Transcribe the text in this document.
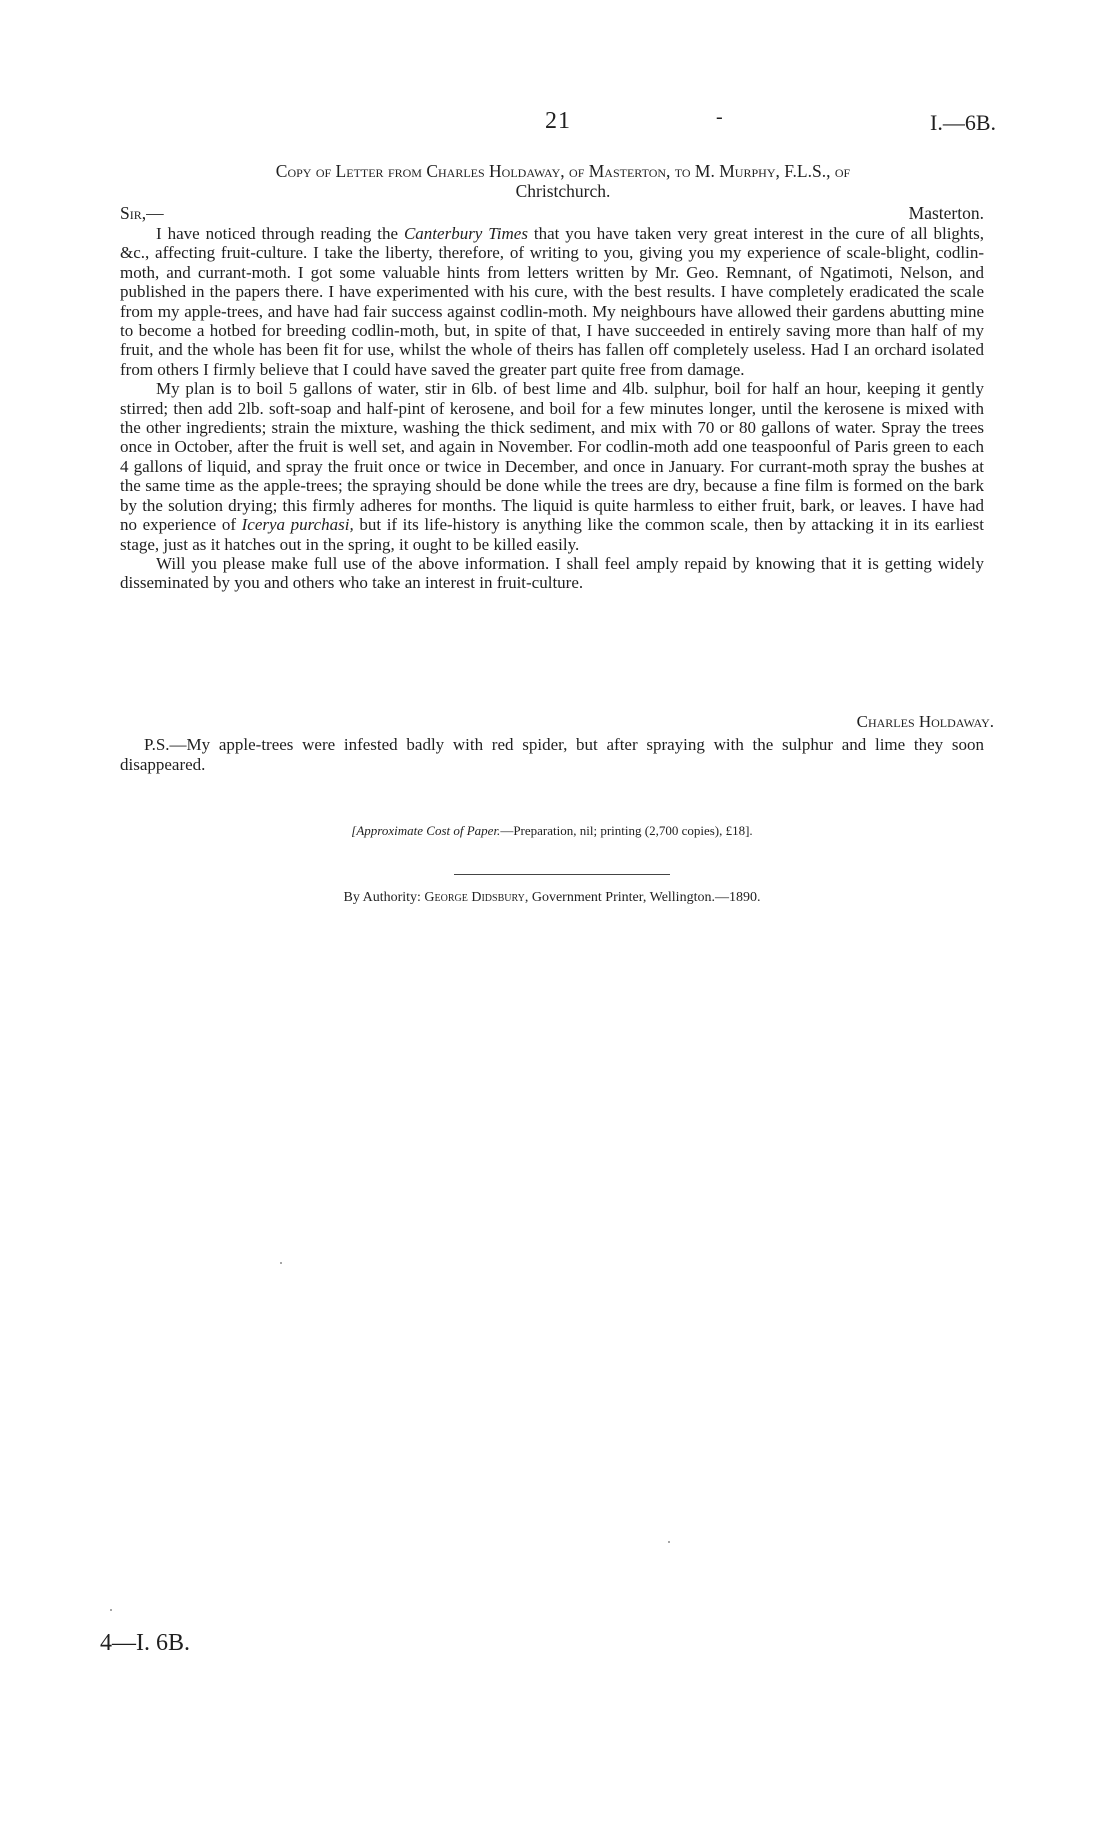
21	-	I.—6B.
Copy of Letter from Charles Holdaway, of Masterton, to M. Murphy, F.L.S., of
Christchurch.
Sir,—	Masterton.

I have noticed through reading the Canterbury Times that you have taken very great interest in the cure of all blights, &c., affecting fruit-culture. I take the liberty, therefore, of writing to you, giving you my experience of scale-blight, codlin-moth, and currant-moth. I got some valuable hints from letters written by Mr. Geo. Remnant, of Ngatimoti, Nelson, and published in the papers there. I have experimented with his cure, with the best results. I have completely eradicated the scale from my apple-trees, and have had fair success against codlin-moth. My neighbours have allowed their gardens abutting mine to become a hotbed for breeding codlin-moth, but, in spite of that, I have succeeded in entirely saving more than half of my fruit, and the whole has been fit for use, whilst the whole of theirs has fallen off completely useless. Had I an orchard isolated from others I firmly believe that I could have saved the greater part quite free from damage.

My plan is to boil 5 gallons of water, stir in 6lb. of best lime and 4lb. sulphur, boil for half an hour, keeping it gently stirred; then add 2lb. soft-soap and half-pint of kerosene, and boil for a few minutes longer, until the kerosene is mixed with the other ingredients; strain the mixture, washing the thick sediment, and mix with 70 or 80 gallons of water. Spray the trees once in October, after the fruit is well set, and again in November. For codlin-moth add one teaspoonful of Paris green to each 4 gallons of liquid, and spray the fruit once or twice in December, and once in January. For currant-moth spray the bushes at the same time as the apple-trees; the spraying should be done while the trees are dry, because a fine film is formed on the bark by the solution drying; this firmly adheres for months. The liquid is quite harmless to either fruit, bark, or leaves. I have had no experience of Icerya purchasi, but if its life-history is anything like the common scale, then by attacking it in its earliest stage, just as it hatches out in the spring, it ought to be killed easily.

Will you please make full use of the above information. I shall feel amply repaid by knowing that it is getting widely disseminated by you and others who take an interest in fruit-culture.

Charles Holdaway.

P.S.—My apple-trees were infested badly with red spider, but after spraying with the sulphur and lime they soon disappeared.

[Approximate Cost of Paper.—Preparation, nil; printing (2,700 copies), £18].
By Authority: George Didsbury, Government Printer, Wellington.—1890.
4—I. 6B.
